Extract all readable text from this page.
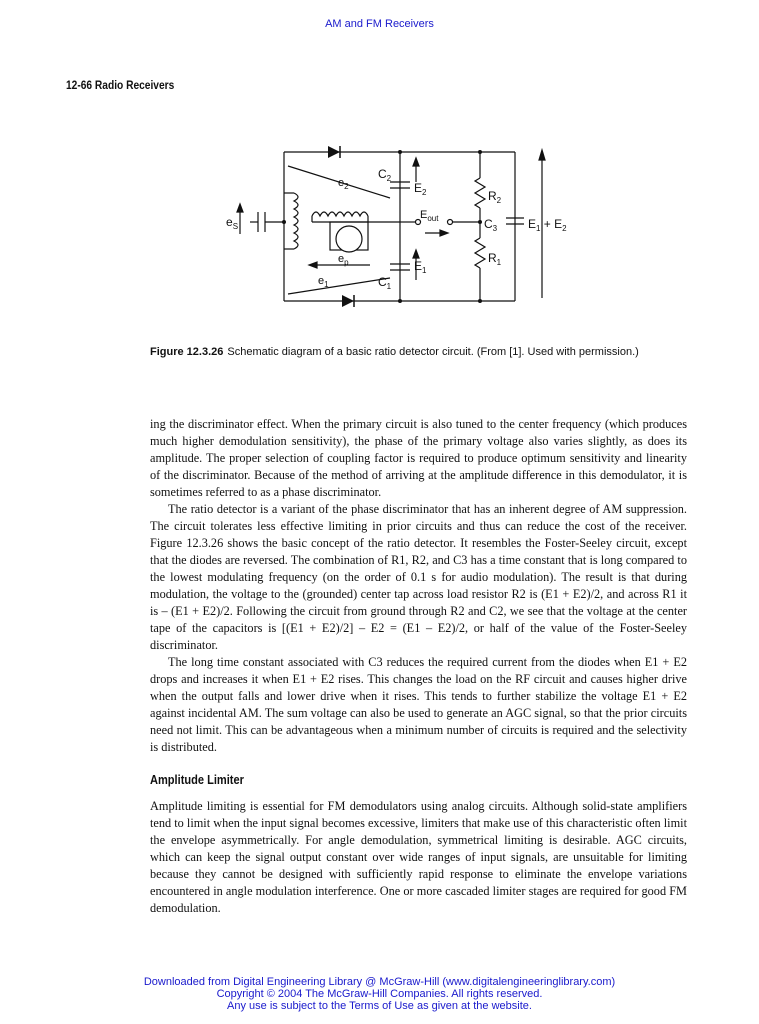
AM and FM Receivers
12-66 Radio Receivers
$e_S$
$e_2$
$e_1$
$e_p$
$C_2$
$C_1$
$E_2$
$E_1$
$E_{out}$
$R_2$
$R_1$
$C_3$	$E_1 + E_2$
Figure 12.3.26 Schematic diagram of a basic ratio detector circuit. (From [1]. Used with permission.)

ing the discriminator effect. When the primary circuit is also tuned to the center frequency (which produces much higher demodulation sensitivity), the phase of the primary voltage also varies slightly, as does its amplitude. The proper selection of coupling factor is required to produce optimum sensitivity and linearity of the discriminator. Because of the method of arriving at the amplitude difference in this demodulator, it is sometimes referred to as a phase discriminator.

The ratio detector is a variant of the phase discriminator that has an inherent degree of AM suppression. The circuit tolerates less effective limiting in prior circuits and thus can reduce the cost of the receiver. Figure 12.3.26 shows the basic concept of the ratio detector. It resembles the Foster-Seeley circuit, except that the diodes are reversed. The combination of R1, R2, and C3 has a time constant that is long compared to the lowest modulating frequency (on the order of 0.1 s for audio modulation). The result is that during modulation, the voltage to the (grounded) center tap across load resistor R2 is (E1 + E2)/2, and across R1 it is – (E1 + E2)/2. Following the circuit from ground through R2 and C2, we see that the voltage at the center tape of the capacitors is [(E1 + E2)/2] – E2 = (E1 – E2)/2, or half of the value of the Foster-Seeley discriminator.

The long time constant associated with C3 reduces the required current from the diodes when E1 + E2 drops and increases it when E1 + E2 rises. This changes the load on the RF circuit and causes higher drive when the output falls and lower drive when it rises. This tends to further stabilize the voltage E1 + E2 against incidental AM. The sum voltage can also be used to generate an AGC signal, so that the prior circuits need not limit. This can be advantageous when a minimum number of circuits is required and the selectivity is distributed.

Amplitude Limiter

Amplitude limiting is essential for FM demodulators using analog circuits. Although solid-state amplifiers tend to limit when the input signal becomes excessive, limiters that make use of this characteristic often limit the envelope asymmetrically. For angle demodulation, symmetrical limiting is desirable. AGC circuits, which can keep the signal output constant over wide ranges of input signals, are unsuitable for limiting because they cannot be designed with sufficiently rapid response to eliminate the envelope variations encountered in angle modulation interference. One or more cascaded limiter stages are required for good FM demodulation.

Downloaded from Digital Engineering Library @ McGraw-Hill (www.digitalengineeringlibrary.com)
Copyright © 2004 The McGraw-Hill Companies. All rights reserved.
Any use is subject to the Terms of Use as given at the website.
